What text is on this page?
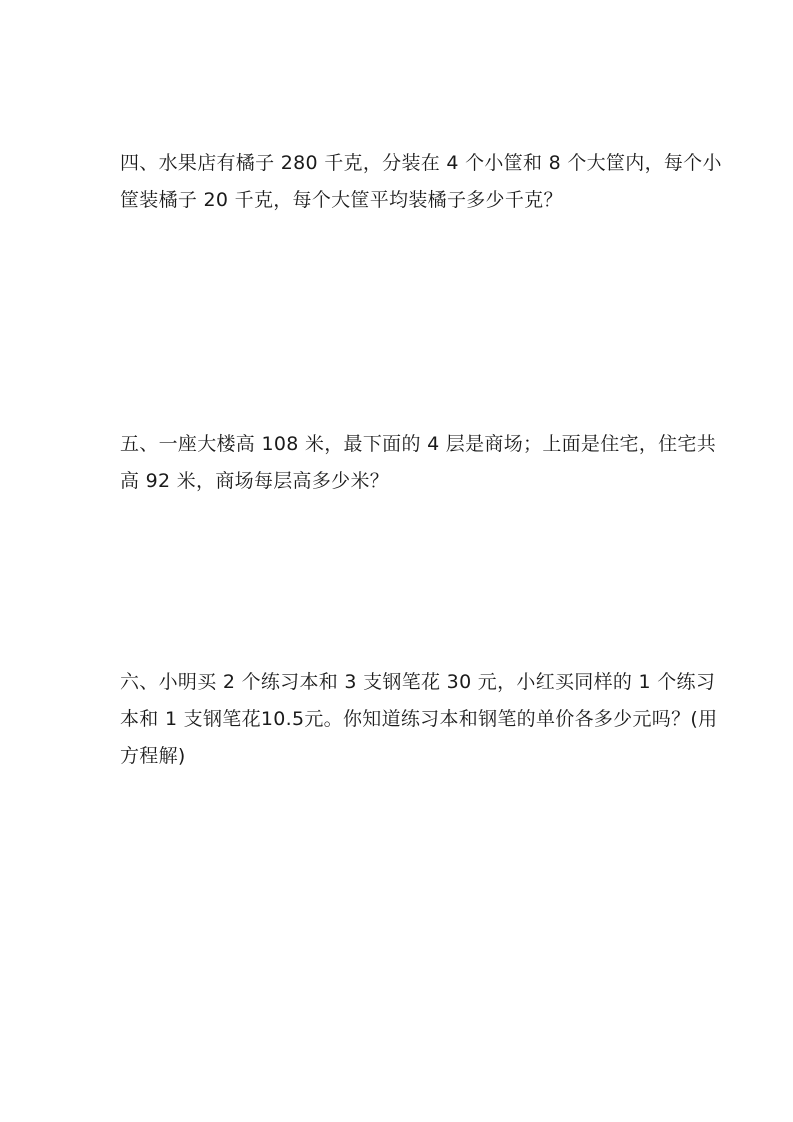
四、水果店有橘子 280 千克，分装在 4 个小筐和 8 个大筐内，每个小
筐装橘子 20 千克，每个大筐平均装橘子多少千克？
五、一座大楼高 108 米，最下面的 4 层是商场；上面是住宅，住宅共
高 92 米，商场每层高多少米？
六、小明买 2 个练习本和 3 支钢笔花 30 元，小红买同样的 1 个练习
本和 1 支钢笔花10.5元。你知道练习本和钢笔的单价各多少元吗？(用
方程解)
